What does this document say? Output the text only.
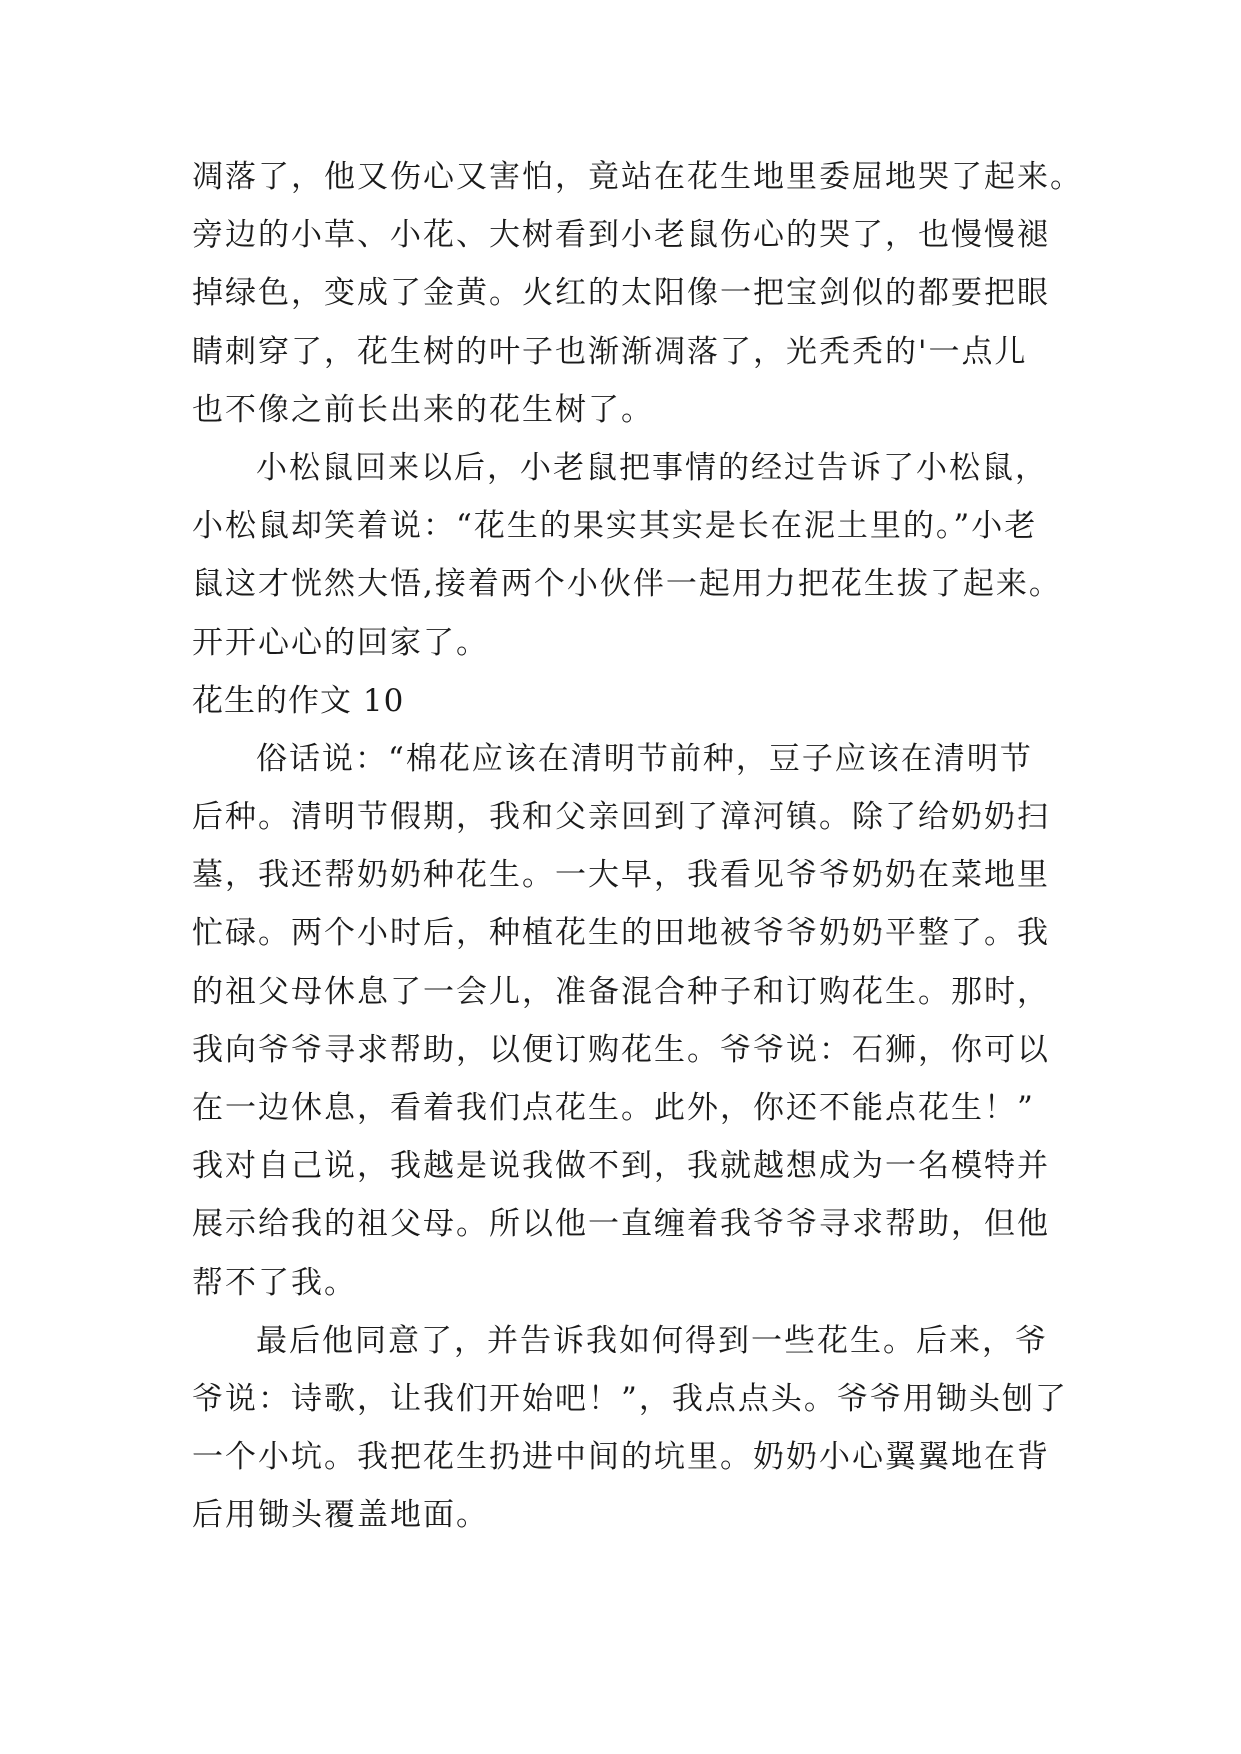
凋落了，他又伤心又害怕，竟站在花生地里委屈地哭了起来。
旁边的小草、小花、大树看到小老鼠伤心的哭了，也慢慢褪
掉绿色，变成了金黄。火红的太阳像一把宝剑似的都要把眼
睛刺穿了，花生树的叶子也渐渐凋落了，光秃秃的'一点儿
也不像之前长出来的花生树了。
小松鼠回来以后，小老鼠把事情的经过告诉了小松鼠，
小松鼠却笑着说：“花生的果实其实是长在泥土里的。”小老
鼠这才恍然大悟,接着两个小伙伴一起用力把花生拔了起来。
开开心心的回家了。
花生的作文 10
俗话说：“棉花应该在清明节前种，豆子应该在清明节
后种。清明节假期，我和父亲回到了漳河镇。除了给奶奶扫
墓，我还帮奶奶种花生。一大早，我看见爷爷奶奶在菜地里
忙碌。两个小时后，种植花生的田地被爷爷奶奶平整了。我
的祖父母休息了一会儿，准备混合种子和订购花生。那时，
我向爷爷寻求帮助，以便订购花生。爷爷说：石狮，你可以
在一边休息，看着我们点花生。此外，你还不能点花生！”
我对自己说，我越是说我做不到，我就越想成为一名模特并
展示给我的祖父母。所以他一直缠着我爷爷寻求帮助，但他
帮不了我。
最后他同意了，并告诉我如何得到一些花生。后来，爷
爷说：诗歌，让我们开始吧！”，我点点头。爷爷用锄头刨了
一个小坑。我把花生扔进中间的坑里。奶奶小心翼翼地在背
后用锄头覆盖地面。
